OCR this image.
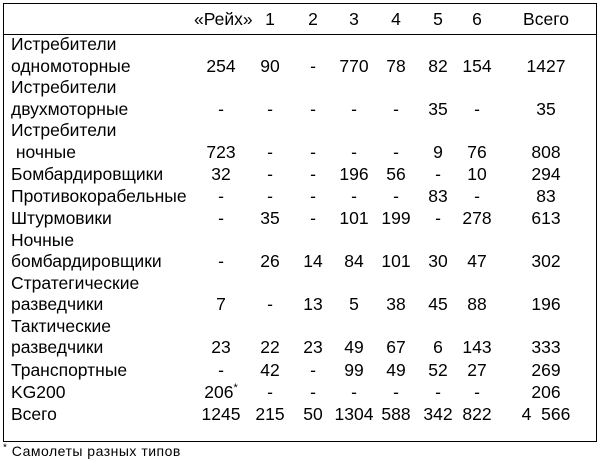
	«Рейх»	1	2	3	4	5	6	Всего

Истребители
одномоторные	254	90	-	770	78	82	154	1427

Истребители
двухмоторные	-	-	-	-	-	35	-	35

Истребители
ночные	723	-	-	-	-	9	76	808

Бомбардировщики	32	-	-	196	56	-	10	294

Противокорабельные	-	-	-	-	-	83	-	83

Штурмовики	-	35	-	101	199	-	278	613

Ночные
бомбардировщики	-	26	14	84	101	30	47	302

Стратегические
разведчики	7	-	13	5	38	45	88	196

Тактические
разведчики	23	22	23	49	67	6	143	333

Транспортные	-	42	-	99	49	52	27	269

KG200	206*	-	-	-	-	-	-	206

Всего	1245	215	50	1304	588	342	822	4  566
* Самолеты разных типов
